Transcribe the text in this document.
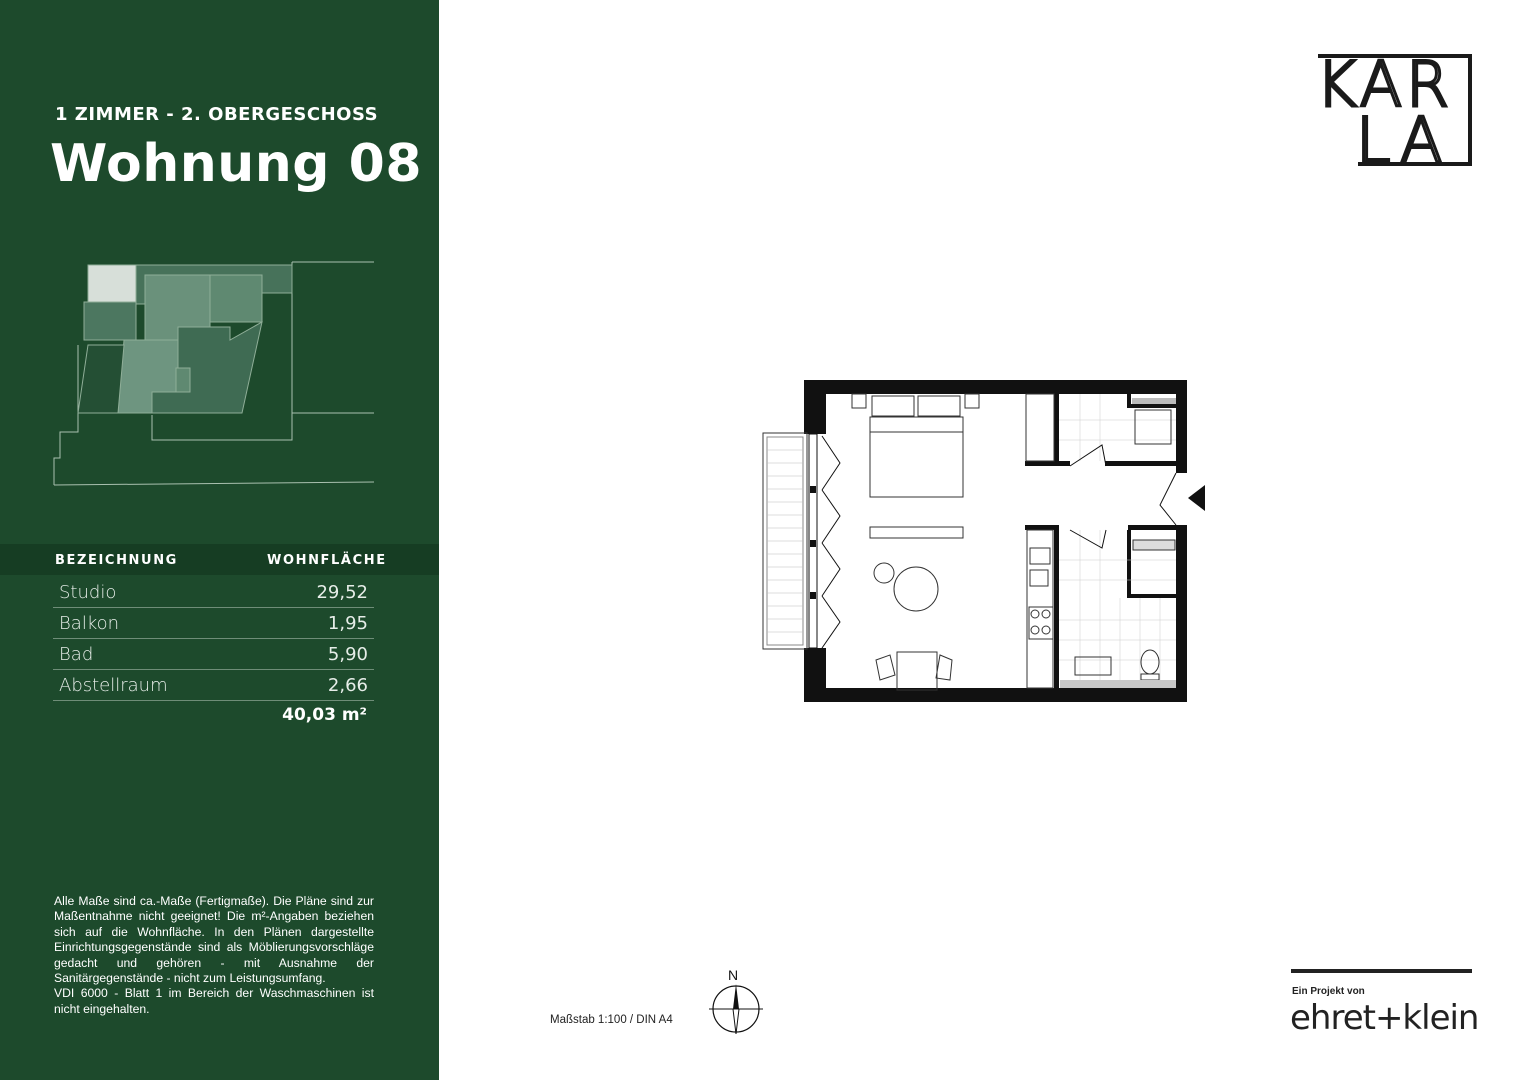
1 ZIMMER - 2. OBERGESCHOSS
Wohnung 08
BEZEICHNUNG	WOHNFLÄCHE
Studio	29,52
Balkon	1,95
Bad	5,90
Abstellraum	2,66
40,03 m²

Alle Maße sind ca.-Maße (Fertigmaße). Die Pläne sind zur Maßentnahme nicht geeignet! Die m²-Angaben beziehen sich auf die Wohnfläche. In den Plänen dargestellte Einrichtungsgegenstände sind als Möblierungsvorschläge gedacht und gehören - mit Ausnahme der Sanitärgegenstände - nicht zum Leistungsumfang.

VDI 6000 - Blatt 1 im Bereich der Waschmaschinen ist nicht eingehalten.

KAR
LA
N
Maßstab 1:100 / DIN A4
Ein Projekt von
ehret+klein
